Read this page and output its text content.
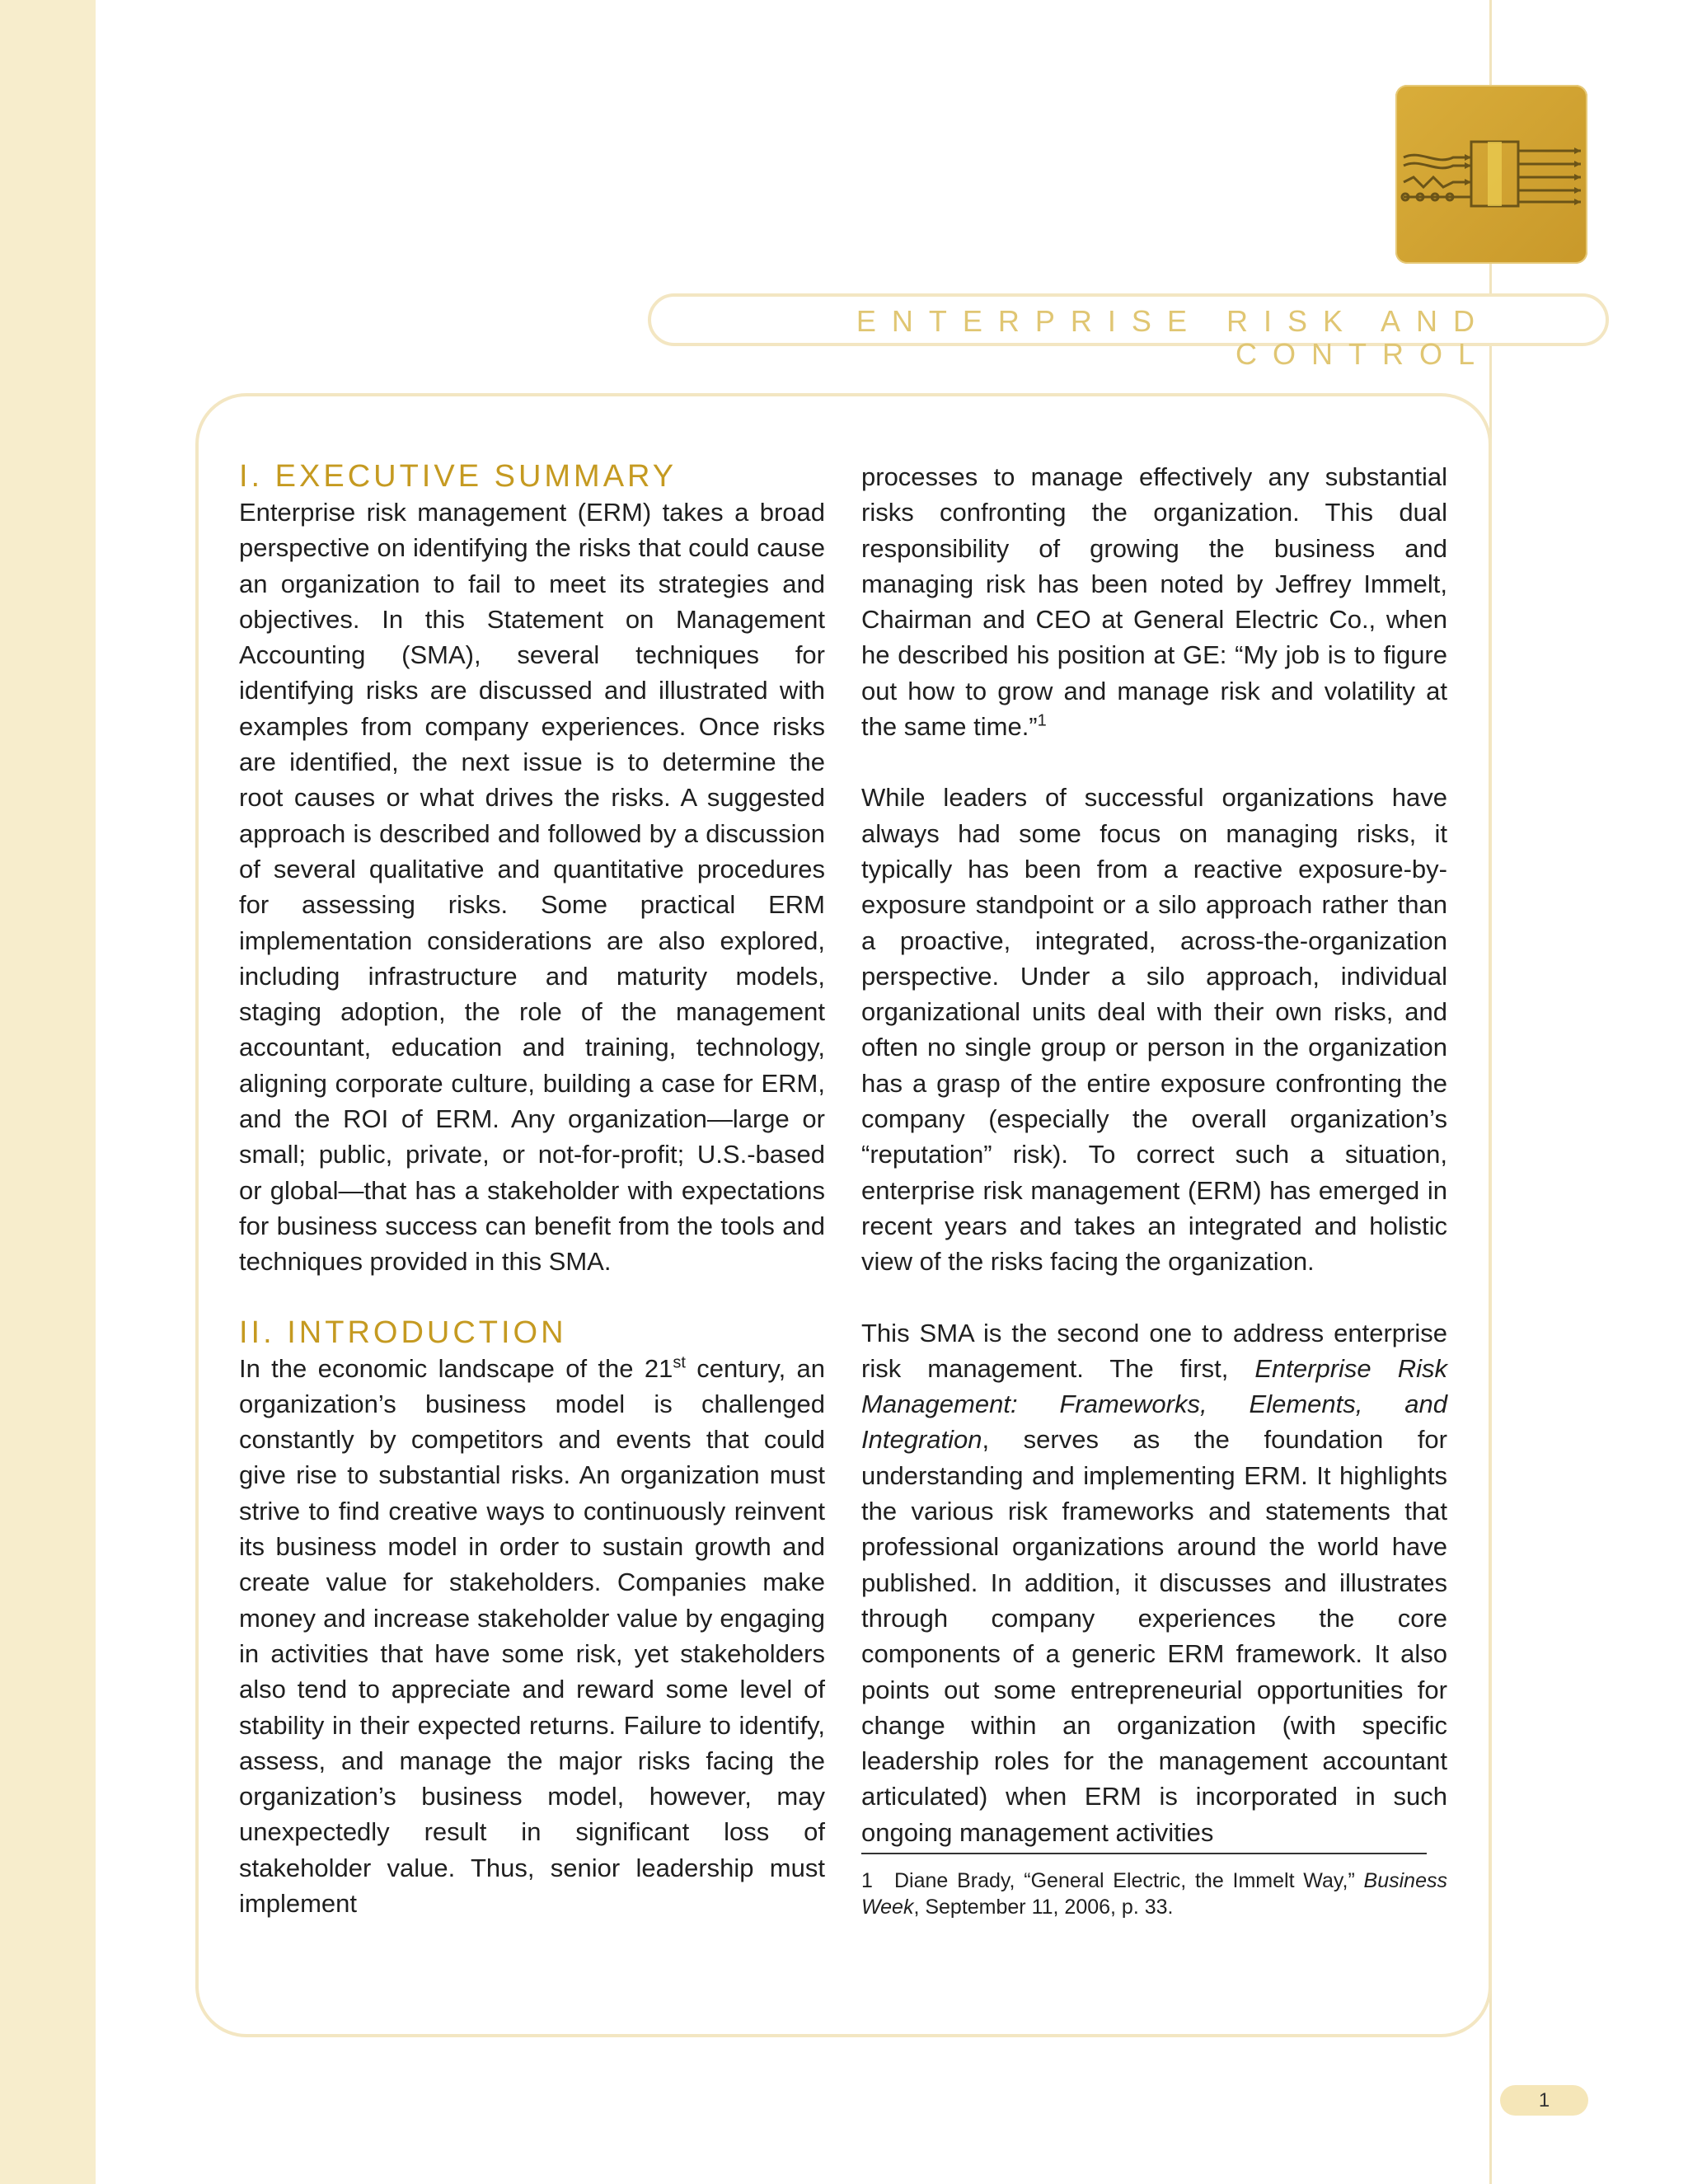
ENTERPRISE RISK AND CONTROL
I. EXECUTIVE SUMMARY

Enterprise risk management (ERM) takes a broad perspective on identifying the risks that could cause an organization to fail to meet its strategies and objectives. In this Statement on Management Accounting (SMA), several techniques for identifying risks are discussed and illustrated with examples from company experiences. Once risks are identified, the next issue is to determine the root causes or what drives the risks. A suggested approach is described and followed by a discussion of several qualitative and quantitative procedures for assessing risks. Some practical ERM implementation considerations are also explored, including infrastructure and maturity models, staging adoption, the role of the management accountant, education and training, technology, aligning corporate culture, building a case for ERM, and the ROI of ERM. Any organization—large or small; public, private, or not-for-profit; U.S.-based or global—that has a stakeholder with expectations for business success can benefit from the tools and techniques provided in this SMA.

II. INTRODUCTION

In the economic landscape of the 21st century, an organization’s business model is challenged constantly by competitors and events that could give rise to substantial risks. An organization must strive to find creative ways to continuously reinvent its business model in order to sustain growth and create value for stakeholders. Companies make money and increase stakeholder value by engaging in activities that have some risk, yet stakeholders also tend to appreciate and reward some level of stability in their expected returns. Failure to identify, assess, and manage the major risks facing the organization’s business model, however, may unexpectedly result in significant loss of stakeholder value. Thus, senior leadership must implement

processes to manage effectively any substantial risks confronting the organization. This dual responsibility of growing the business and managing risk has been noted by Jeffrey Immelt, Chairman and CEO at General Electric Co., when he described his position at GE: “My job is to figure out how to grow and manage risk and volatility at the same time.”$^1$

While leaders of successful organizations have always had some focus on managing risks, it typically has been from a reactive exposure-by-exposure standpoint or a silo approach rather than a proactive, integrated, across-the-organization perspective. Under a silo approach, individual organizational units deal with their own risks, and often no single group or person in the organization has a grasp of the entire exposure confronting the company (especially the overall organization’s “reputation” risk). To correct such a situation, enterprise risk management (ERM) has emerged in recent years and takes an integrated and holistic view of the risks facing the organization.

This SMA is the second one to address enterprise risk management. The first, Enterprise Risk Management: Frameworks, Elements, and Integration, serves as the foundation for understanding and implementing ERM. It highlights the various risk frameworks and statements that professional organizations around the world have published. In addition, it discusses and illustrates through company experiences the core components of a generic ERM framework. It also points out some entrepreneurial opportunities for change within an organization (with specific leadership roles for the management accountant articulated) when ERM is incorporated in such ongoing management activities

1 Diane Brady, “General Electric, the Immelt Way,” Business Week, September 11, 2006, p. 33.
1
